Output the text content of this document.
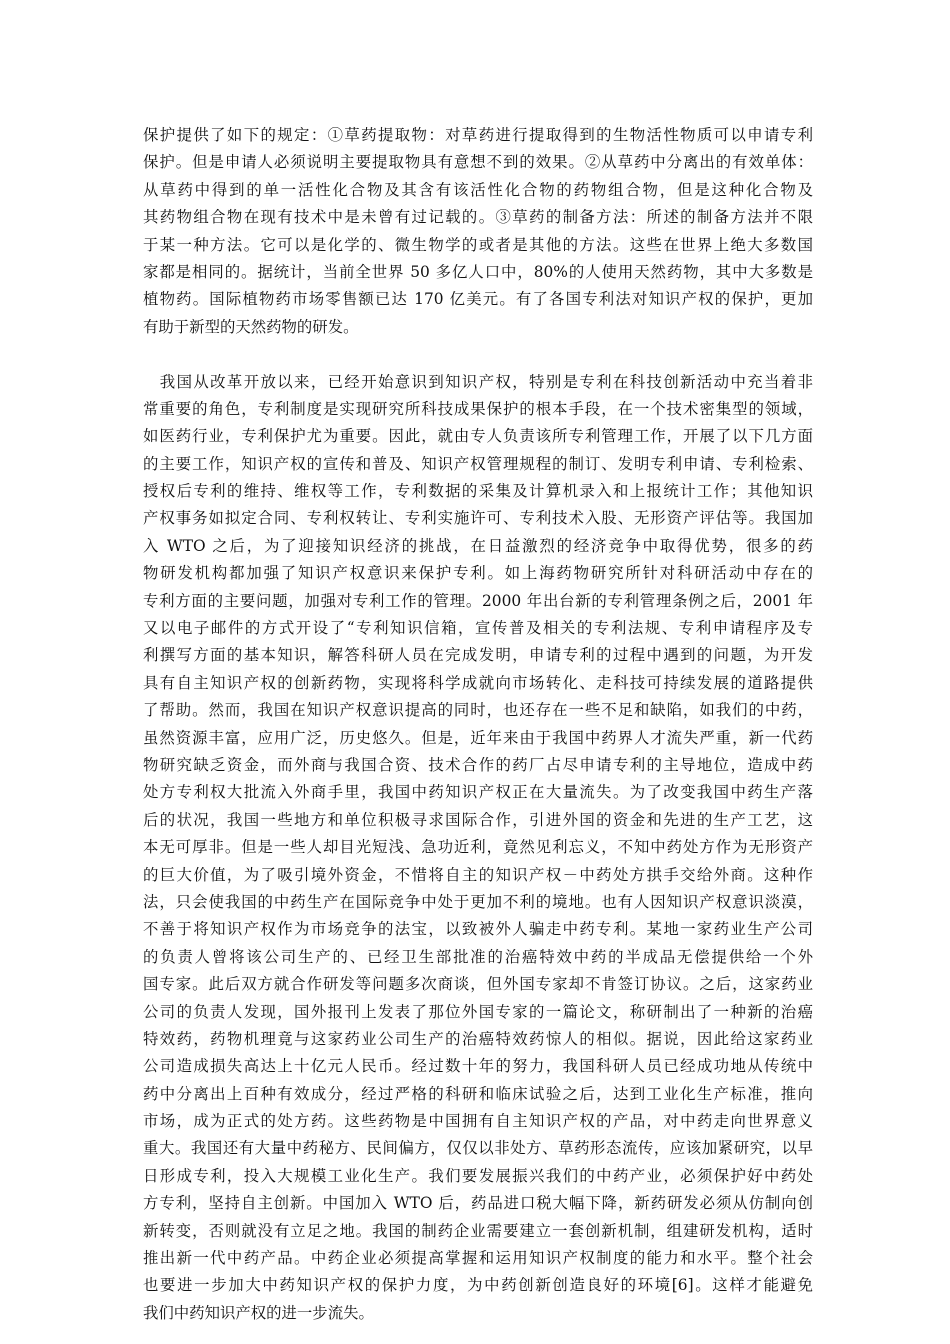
保护提供了如下的规定：①草药提取物：对草药进行提取得到的生物活性物质可以申请专利
保护。但是申请人必须说明主要提取物具有意想不到的效果。②从草药中分离出的有效单体：
从草药中得到的单一活性化合物及其含有该活性化合物的药物组合物，但是这种化合物及
其药物组合物在现有技术中是未曾有过记载的。③草药的制备方法：所述的制备方法并不限
于某一种方法。它可以是化学的、微生物学的或者是其他的方法。这些在世界上绝大多数国
家都是相同的。据统计，当前全世界 50 多亿人口中，80%的人使用天然药物，其中大多数是
植物药。国际植物药市场零售额已达 170 亿美元。有了各国专利法对知识产权的保护，更加
有助于新型的天然药物的研发。
　我国从改革开放以来，已经开始意识到知识产权，特别是专利在科技创新活动中充当着非
常重要的角色，专利制度是实现研究所科技成果保护的根本手段，在一个技术密集型的领域，
如医药行业，专利保护尤为重要。因此，就由专人负责该所专利管理工作，开展了以下几方面
的主要工作，知识产权的宣传和普及、知识产权管理规程的制订、发明专利申请、专利检索、
授权后专利的维持、维权等工作，专利数据的采集及计算机录入和上报统计工作；其他知识
产权事务如拟定合同、专利权转让、专利实施许可、专利技术入股、无形资产评估等。我国加
入 WTO 之后，为了迎接知识经济的挑战，在日益激烈的经济竞争中取得优势，很多的药
物研发机构都加强了知识产权意识来保护专利。如上海药物研究所针对科研活动中存在的
专利方面的主要问题，加强对专利工作的管理。2000 年出台新的专利管理条例之后，2001 年
又以电子邮件的方式开设了“专利知识信箱，宣传普及相关的专利法规、专利申请程序及专
利撰写方面的基本知识，解答科研人员在完成发明，申请专利的过程中遇到的问题，为开发
具有自主知识产权的创新药物，实现将科学成就向市场转化、走科技可持续发展的道路提供
了帮助。然而，我国在知识产权意识提高的同时，也还存在一些不足和缺陷，如我们的中药，
虽然资源丰富，应用广泛，历史悠久。但是，近年来由于我国中药界人才流失严重，新一代药
物研究缺乏资金，而外商与我国合资、技术合作的药厂占尽申请专利的主导地位，造成中药
处方专利权大批流入外商手里，我国中药知识产权正在大量流失。为了改变我国中药生产落
后的状况，我国一些地方和单位积极寻求国际合作，引进外国的资金和先进的生产工艺，这
本无可厚非。但是一些人却目光短浅、急功近利，竟然见利忘义，不知中药处方作为无形资产
的巨大价值，为了吸引境外资金，不惜将自主的知识产权－中药处方拱手交给外商。这种作
法，只会使我国的中药生产在国际竞争中处于更加不利的境地。也有人因知识产权意识淡漠，
不善于将知识产权作为市场竞争的法宝，以致被外人骗走中药专利。某地一家药业生产公司
的负责人曾将该公司生产的、已经卫生部批准的治癌特效中药的半成品无偿提供给一个外
国专家。此后双方就合作研发等问题多次商谈，但外国专家却不肯签订协议。之后，这家药业
公司的负责人发现，国外报刊上发表了那位外国专家的一篇论文，称研制出了一种新的治癌
特效药，药物机理竟与这家药业公司生产的治癌特效药惊人的相似。据说，因此给这家药业
公司造成损失高达上十亿元人民币。经过数十年的努力，我国科研人员已经成功地从传统中
药中分离出上百种有效成分，经过严格的科研和临床试验之后，达到工业化生产标准，推向
市场，成为正式的处方药。这些药物是中国拥有自主知识产权的产品，对中药走向世界意义
重大。我国还有大量中药秘方、民间偏方，仅仅以非处方、草药形态流传，应该加紧研究，以早
日形成专利，投入大规模工业化生产。我们要发展振兴我们的中药产业，必须保护好中药处
方专利，坚持自主创新。中国加入 WTO 后，药品进口税大幅下降，新药研发必须从仿制向创
新转变，否则就没有立足之地。我国的制药企业需要建立一套创新机制，组建研发机构，适时
推出新一代中药产品。中药企业必须提高掌握和运用知识产权制度的能力和水平。整个社会
也要进一步加大中药知识产权的保护力度，为中药创新创造良好的环境[6]。这样才能避免
我们中药知识产权的进一步流失。
